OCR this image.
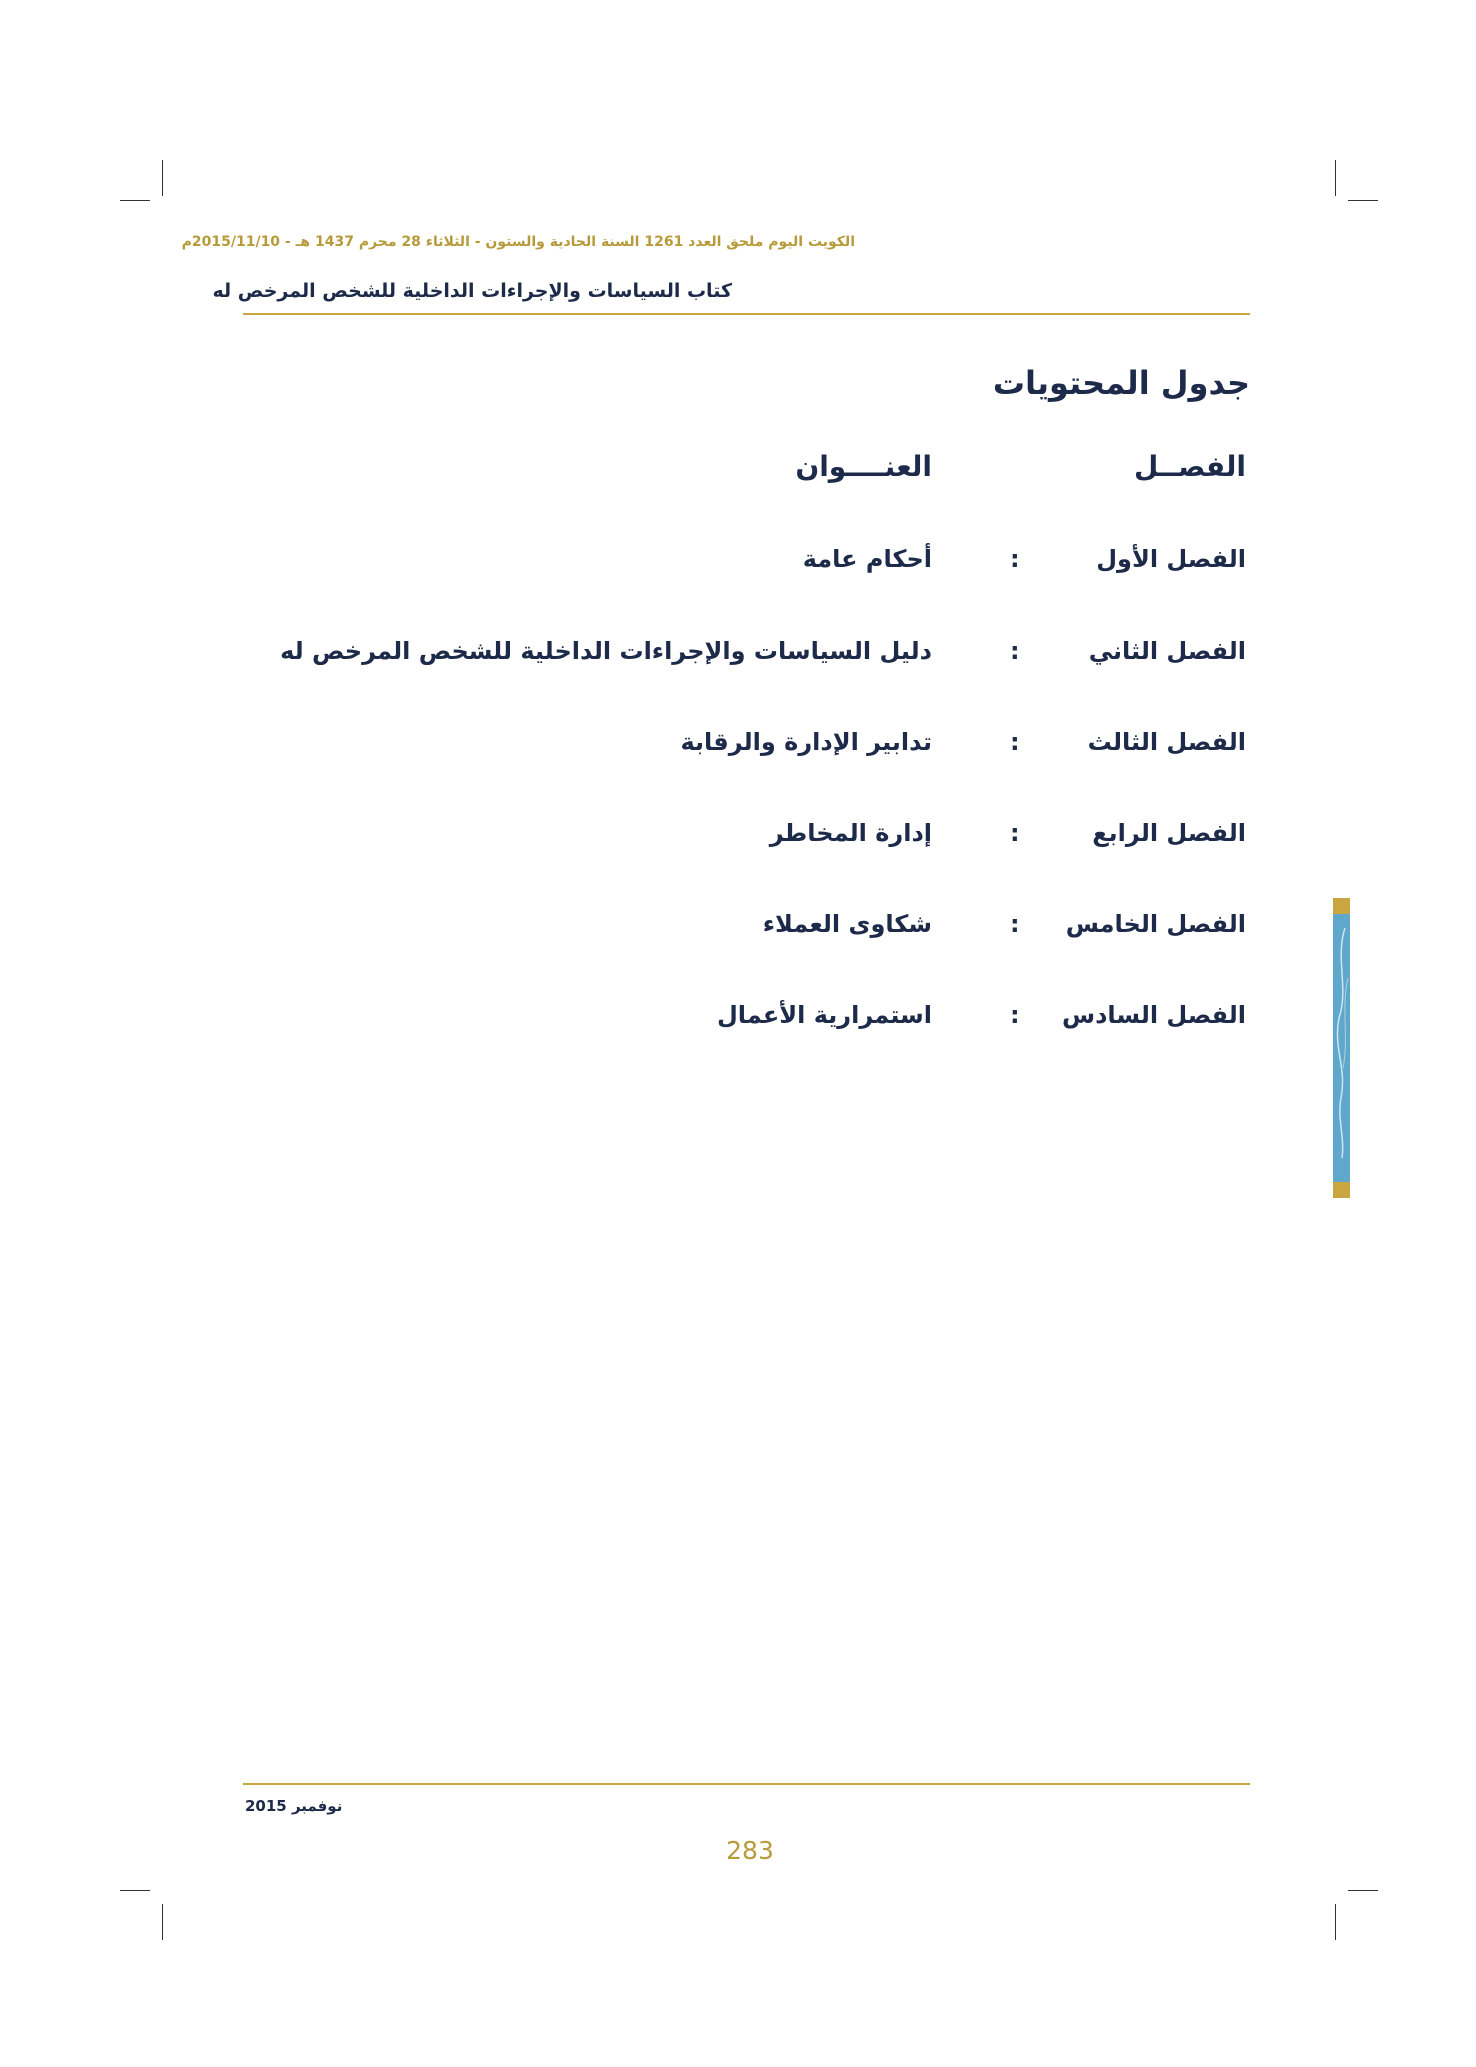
الكويت اليوم ملحق العدد 1261 السنة الحادية والستون - الثلاثاء 28 محرم 1437 هـ - 2015/11/10م
كتاب السياسات والإجراءات الداخلية للشخص المرخص له
جدول المحتويات
الفصــل
العنــــوان
الفصل الأول
:
أحكام عامة
الفصل الثاني
:
دليل السياسات والإجراءات الداخلية للشخص المرخص له
الفصل الثالث
:
تدابير الإدارة والرقابة
الفصل الرابع
:
إدارة المخاطر
الفصل الخامس
:
شكاوى العملاء
الفصل السادس
:
استمرارية الأعمال
نوفمبر 2015
283
